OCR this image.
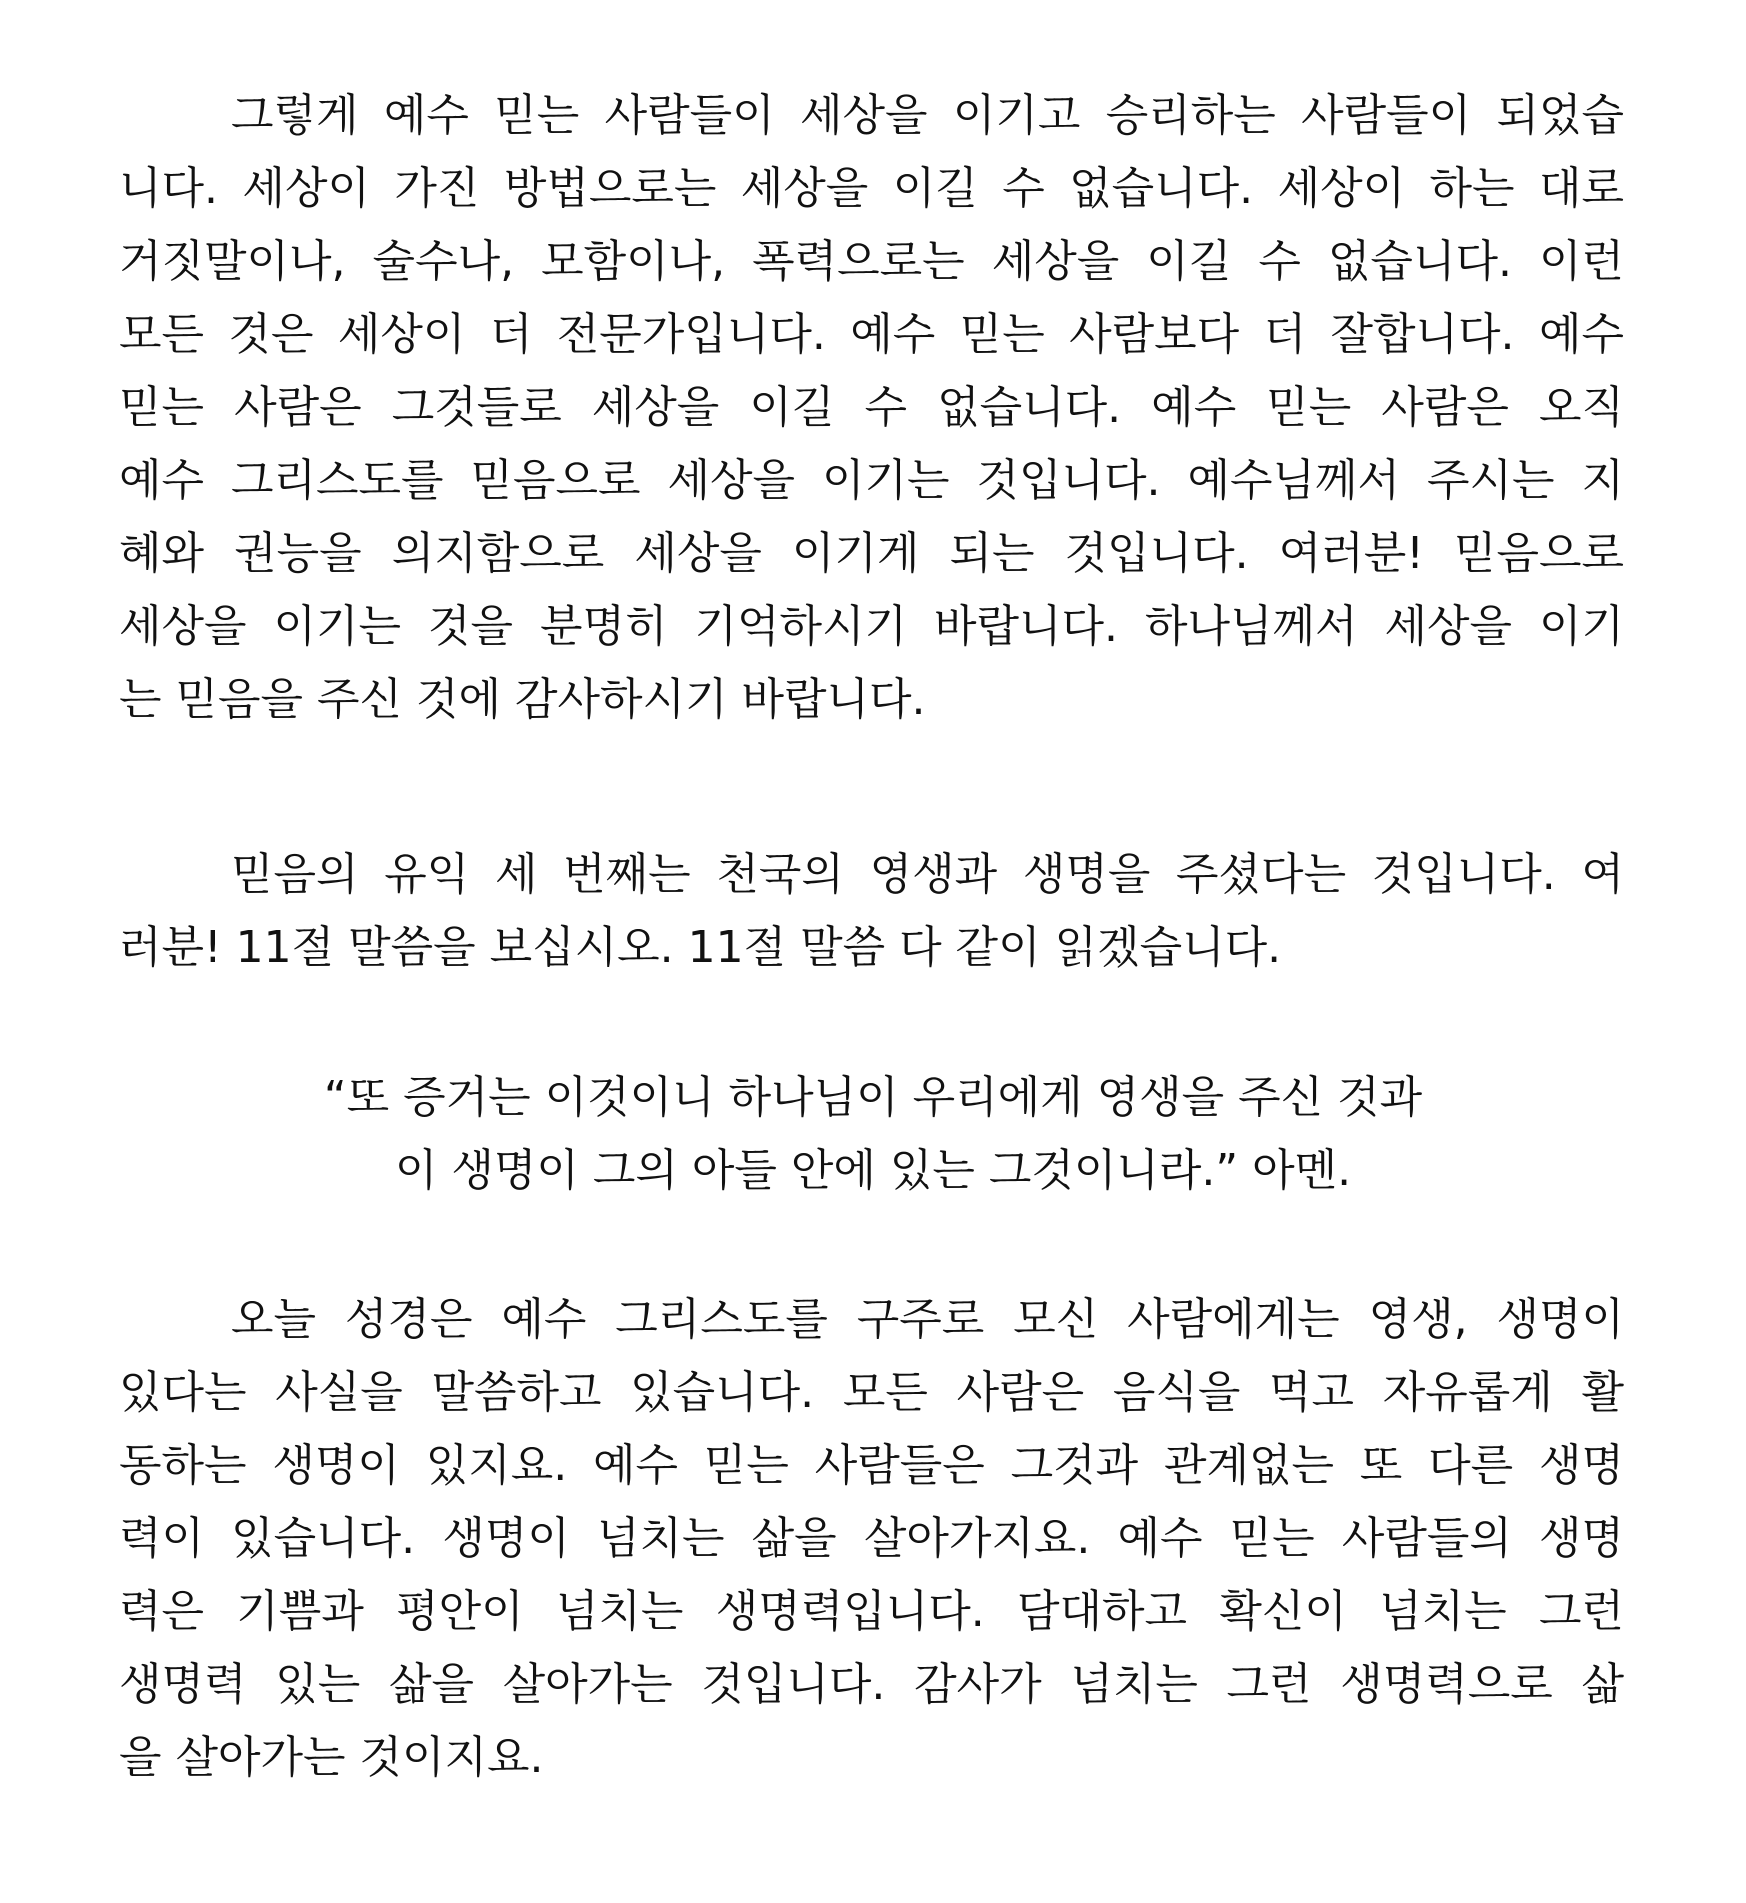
그렇게 예수 믿는 사람들이 세상을 이기고 승리하는 사람들이 되었습
니다. 세상이 가진 방법으로는 세상을 이길 수 없습니다. 세상이 하는 대로
거짓말이나, 술수나, 모함이나, 폭력으로는 세상을 이길 수 없습니다. 이런
모든 것은 세상이 더 전문가입니다. 예수 믿는 사람보다 더 잘합니다. 예수
믿는 사람은 그것들로 세상을 이길 수 없습니다. 예수 믿는 사람은 오직
예수 그리스도를 믿음으로 세상을 이기는 것입니다. 예수님께서 주시는 지
혜와 권능을 의지함으로 세상을 이기게 되는 것입니다. 여러분! 믿음으로
세상을 이기는 것을 분명히 기억하시기 바랍니다. 하나님께서 세상을 이기
는 믿음을 주신 것에 감사하시기 바랍니다.
믿음의 유익 세 번째는 천국의 영생과 생명을 주셨다는 것입니다. 여
러분! 11절 말씀을 보십시오. 11절 말씀 다 같이 읽겠습니다.
“또 증거는 이것이니 하나님이 우리에게 영생을 주신 것과
이 생명이 그의 아들 안에 있는 그것이니라.” 아멘.
오늘 성경은 예수 그리스도를 구주로 모신 사람에게는 영생, 생명이
있다는 사실을 말씀하고 있습니다. 모든 사람은 음식을 먹고 자유롭게 활
동하는 생명이 있지요. 예수 믿는 사람들은 그것과 관계없는 또 다른 생명
력이 있습니다. 생명이 넘치는 삶을 살아가지요. 예수 믿는 사람들의 생명
력은 기쁨과 평안이 넘치는 생명력입니다. 담대하고 확신이 넘치는 그런
생명력 있는 삶을 살아가는 것입니다. 감사가 넘치는 그런 생명력으로 삶
을 살아가는 것이지요.
